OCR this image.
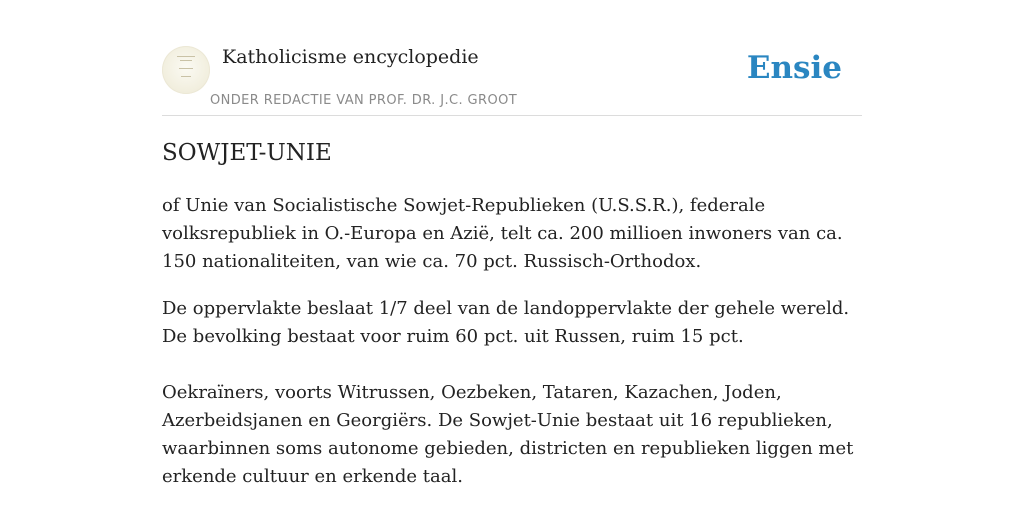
Katholicisme encyclopedie
ONDER REDACTIE VAN PROF. DR. J.C. GROOT
Ensie
SOWJET-UNIE

of Unie van Socialistische Sowjet-Republieken (U.S.S.R.), federale volksrepubliek in O.-Europa en Azië, telt ca. 200 millioen inwoners van ca. 150 nationaliteiten, van wie ca. 70 pct. Russisch-Orthodox.

De oppervlakte beslaat 1/7 deel van de landoppervlakte der gehele wereld. De bevolking bestaat voor ruim 60 pct. uit Russen, ruim 15 pct.

Oekraïners, voorts Witrussen, Oezbeken, Tataren, Kazachen, Joden, Azerbeidsjanen en Georgiërs. De Sowjet-Unie bestaat uit 16 republieken, waarbinnen soms autonome gebieden, districten en republieken liggen met erkende cultuur en erkende taal.
